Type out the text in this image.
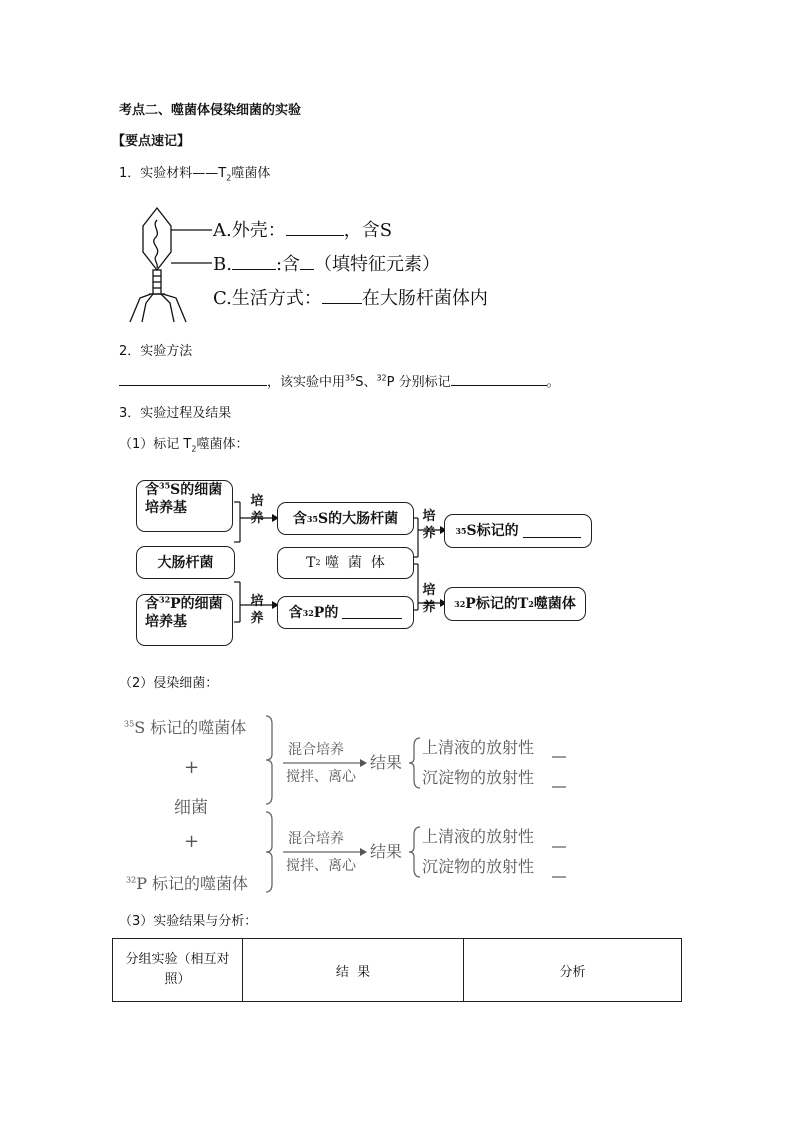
考点二、噬菌体侵染细菌的实验
【要点速记】
1．实验材料$——T_2$噬菌体
A.外壳：	，含S
B. :含 （填特征元素）
C.生活方式： 在大肠杆菌体内
2．实验方法
，该实验中用$^{35}$S、$^{32}$P 分别标记	。
3．实验过程及结果
（1）标记 $T_2$噬菌体：
含$^{35}$S的细菌
培养基
大肠杆菌
含$^{32}$P的细菌
培养基
培
养
培
养
含 35 S的大肠杆菌
T 2 噬  菌  体
含 32 P的
培
养
培
养
35 S标记的
32 P标记的T 2 噬菌体
（2）侵染细菌：
$^{35}$S 标记的噬菌体
+
细菌
+
$^{32}$P 标记的噬菌体
混合培养
搅拌、离心
结果
上清液的放射性
沉淀物的放射性
混合培养
搅拌、离心
结果
上清液的放射性
沉淀物的放射性
（3）实验结果与分析：
分组实验（相互对
照）	结  果	分析
